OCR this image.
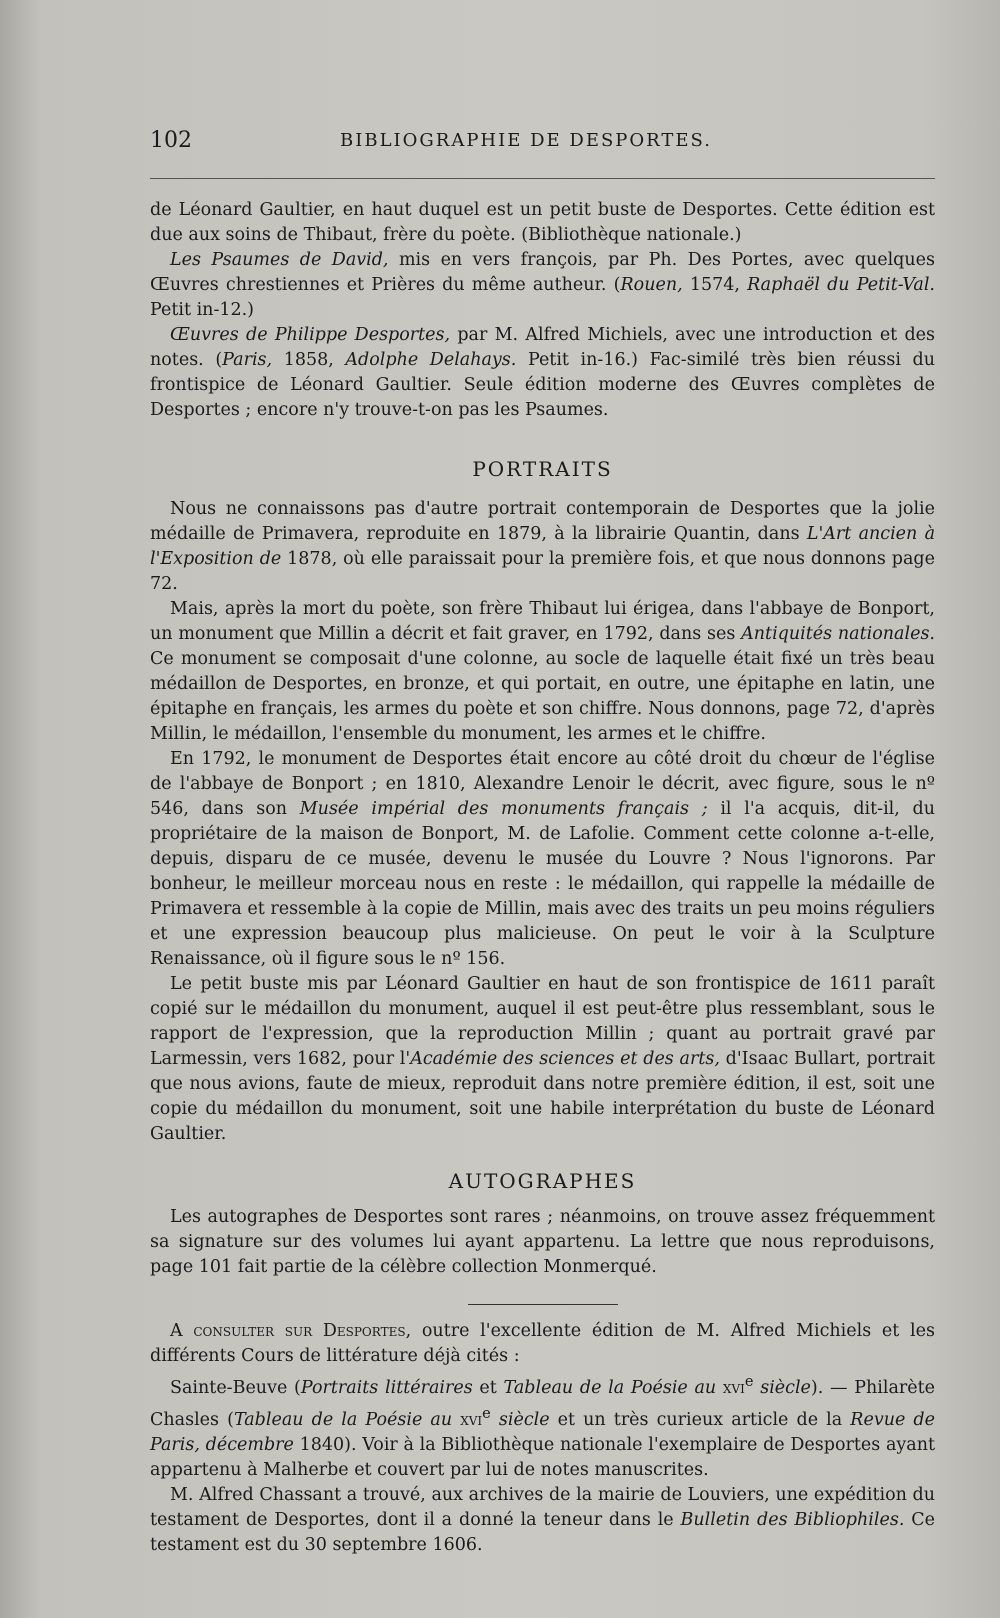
102	BIBLIOGRAPHIE DE DESPORTES.

de Léonard Gaultier, en haut duquel est un petit buste de Desportes. Cette édition est due aux soins de Thibaut, frère du poète. (Bibliothèque nationale.)

Les Psaumes de David, mis en vers françois, par Ph. Des Portes, avec quelques Œuvres chrestiennes et Prières du même autheur. (Rouen, 1574, Raphaël du Petit-Val. Petit in-12.)

Œuvres de Philippe Desportes, par M. Alfred Michiels, avec une introduction et des notes. (Paris, 1858, Adolphe Delahays. Petit in-16.) Fac-similé très bien réussi du frontispice de Léonard Gaultier. Seule édition moderne des Œuvres complètes de Desportes ; encore n'y trouve-t-on pas les Psaumes.

PORTRAITS

Nous ne connaissons pas d'autre portrait contemporain de Desportes que la jolie médaille de Primavera, reproduite en 1879, à la librairie Quantin, dans L'Art ancien à l'Exposition de 1878, où elle paraissait pour la première fois, et que nous donnons page 72.

Mais, après la mort du poète, son frère Thibaut lui érigea, dans l'abbaye de Bonport, un monument que Millin a décrit et fait graver, en 1792, dans ses Antiquités nationales. Ce monument se composait d'une colonne, au socle de laquelle était fixé un très beau médaillon de Desportes, en bronze, et qui portait, en outre, une épitaphe en latin, une épitaphe en français, les armes du poète et son chiffre. Nous donnons, page 72, d'après Millin, le médaillon, l'ensemble du monument, les armes et le chiffre.

En 1792, le monument de Desportes était encore au côté droit du chœur de l'église de l'abbaye de Bonport ; en 1810, Alexandre Lenoir le décrit, avec figure, sous le nº 546, dans son Musée impérial des monuments français ; il l'a acquis, dit-il, du propriétaire de la maison de Bonport, M. de Lafolie. Comment cette colonne a-t-elle, depuis, disparu de ce musée, devenu le musée du Louvre ? Nous l'ignorons. Par bonheur, le meilleur morceau nous en reste : le médaillon, qui rappelle la médaille de Primavera et ressemble à la copie de Millin, mais avec des traits un peu moins réguliers et une expression beaucoup plus malicieuse. On peut le voir à la Sculpture Renaissance, où il figure sous le nº 156.

Le petit buste mis par Léonard Gaultier en haut de son frontispice de 1611 paraît copié sur le médaillon du monument, auquel il est peut-être plus ressemblant, sous le rapport de l'expression, que la reproduction Millin ; quant au portrait gravé par Larmessin, vers 1682, pour l'Académie des sciences et des arts, d'Isaac Bullart, portrait que nous avions, faute de mieux, reproduit dans notre première édition, il est, soit une copie du médaillon du monument, soit une habile interprétation du buste de Léonard Gaultier.

AUTOGRAPHES

Les autographes de Desportes sont rares ; néanmoins, on trouve assez fréquemment sa signature sur des volumes lui ayant appartenu. La lettre que nous reproduisons, page 101 fait partie de la célèbre collection Monmerqué.

A consulter sur Desportes, outre l'excellente édition de M. Alfred Michiels et les différents Cours de littérature déjà cités :

Sainte-Beuve (Portraits littéraires et Tableau de la Poésie au xvi$^e$ siècle). — Philarète Chasles (Tableau de la Poésie au xvi$^e$ siècle et un très curieux article de la Revue de Paris, décembre 1840). Voir à la Bibliothèque nationale l'exemplaire de Desportes ayant appartenu à Malherbe et couvert par lui de notes manuscrites.

M. Alfred Chassant a trouvé, aux archives de la mairie de Louviers, une expédition du testament de Desportes, dont il a donné la teneur dans le Bulletin des Bibliophiles. Ce testament est du 30 septembre 1606.
